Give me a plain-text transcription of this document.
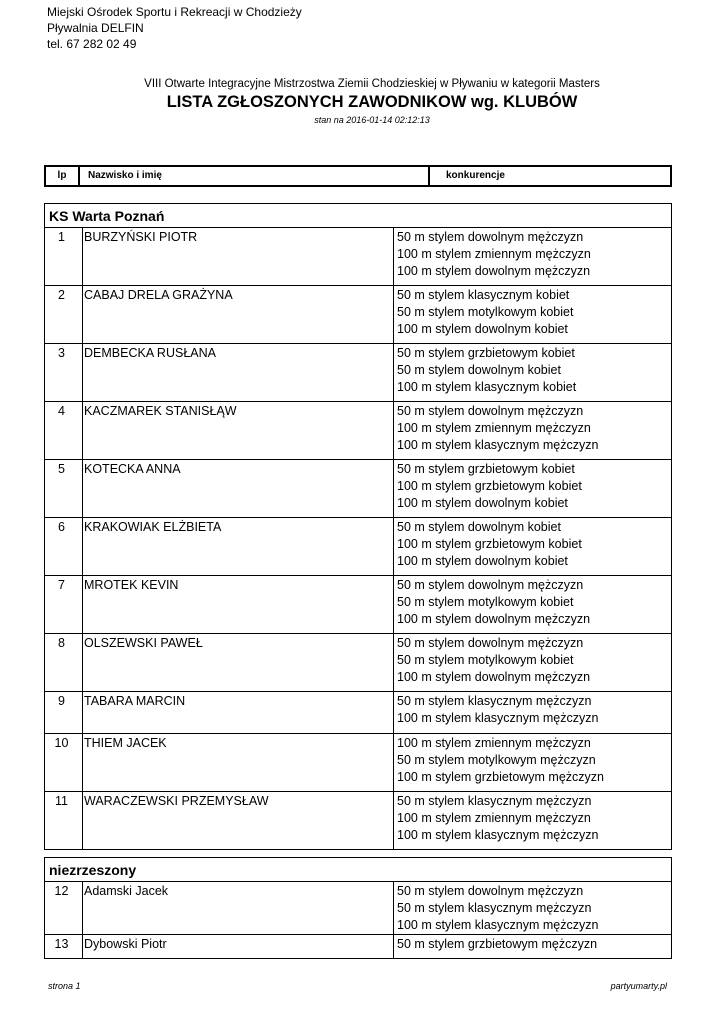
Miejski Ośrodek Sportu i Rekreacji w Chodzieży
Pływalnia DELFIN
tel. 67 282 02 49
VIII Otwarte Integracyjne Mistrzostwa Ziemii Chodzieskiej w Pływaniu w kategorii Masters
LISTA ZGŁOSZONYCH ZAWODNIKOW wg. KLUBÓW
stan na 2016-01-14 02:12:13
lp	Nazwisko i imię	konkurencje
KS Warta Poznań
1	BURZYŃSKI PIOTR	50 m stylem dowolnym mężczyzn
100 m stylem zmiennym mężczyzn
100 m stylem dowolnym mężczyzn

2	CABAJ DRELA GRAŻYNA	50 m stylem klasycznym kobiet
50 m stylem motylkowym kobiet
100 m stylem dowolnym kobiet

3	DEMBECKA RUSŁANA	50 m stylem grzbietowym kobiet
50 m stylem dowolnym kobiet
100 m stylem klasycznym kobiet

4	KACZMAREK STANISŁĄW	50 m stylem dowolnym mężczyzn
100 m stylem zmiennym mężczyzn
100 m stylem klasycznym mężczyzn

5	KOTECKA ANNA	50 m stylem grzbietowym kobiet
100 m stylem grzbietowym kobiet
100 m stylem dowolnym kobiet

6	KRAKOWIAK ELŻBIETA	50 m stylem dowolnym kobiet
100 m stylem grzbietowym kobiet
100 m stylem dowolnym kobiet

7	MROTEK KEVIN	50 m stylem dowolnym mężczyzn
50 m stylem motylkowym kobiet
100 m stylem dowolnym mężczyzn

8	OLSZEWSKI PAWEŁ	50 m stylem dowolnym mężczyzn
50 m stylem motylkowym kobiet
100 m stylem dowolnym mężczyzn

9	TABARA MARCIN	50 m stylem klasycznym mężczyzn
100 m stylem klasycznym mężczyzn

10	THIEM JACEK	100 m stylem zmiennym mężczyzn
50 m stylem motylkowym mężczyzn
100 m stylem grzbietowym mężczyzn

11	WARACZEWSKI PRZEMYSŁAW	50 m stylem klasycznym mężczyzn
100 m stylem zmiennym mężczyzn
100 m stylem klasycznym mężczyzn
niezrzeszony
12	Adamski Jacek	50 m stylem dowolnym mężczyzn
50 m stylem klasycznym mężczyzn
100 m stylem klasycznym mężczyzn

13	Dybowski Piotr	50 m stylem grzbietowym mężczyzn
strona 1	partyumarty.pl
